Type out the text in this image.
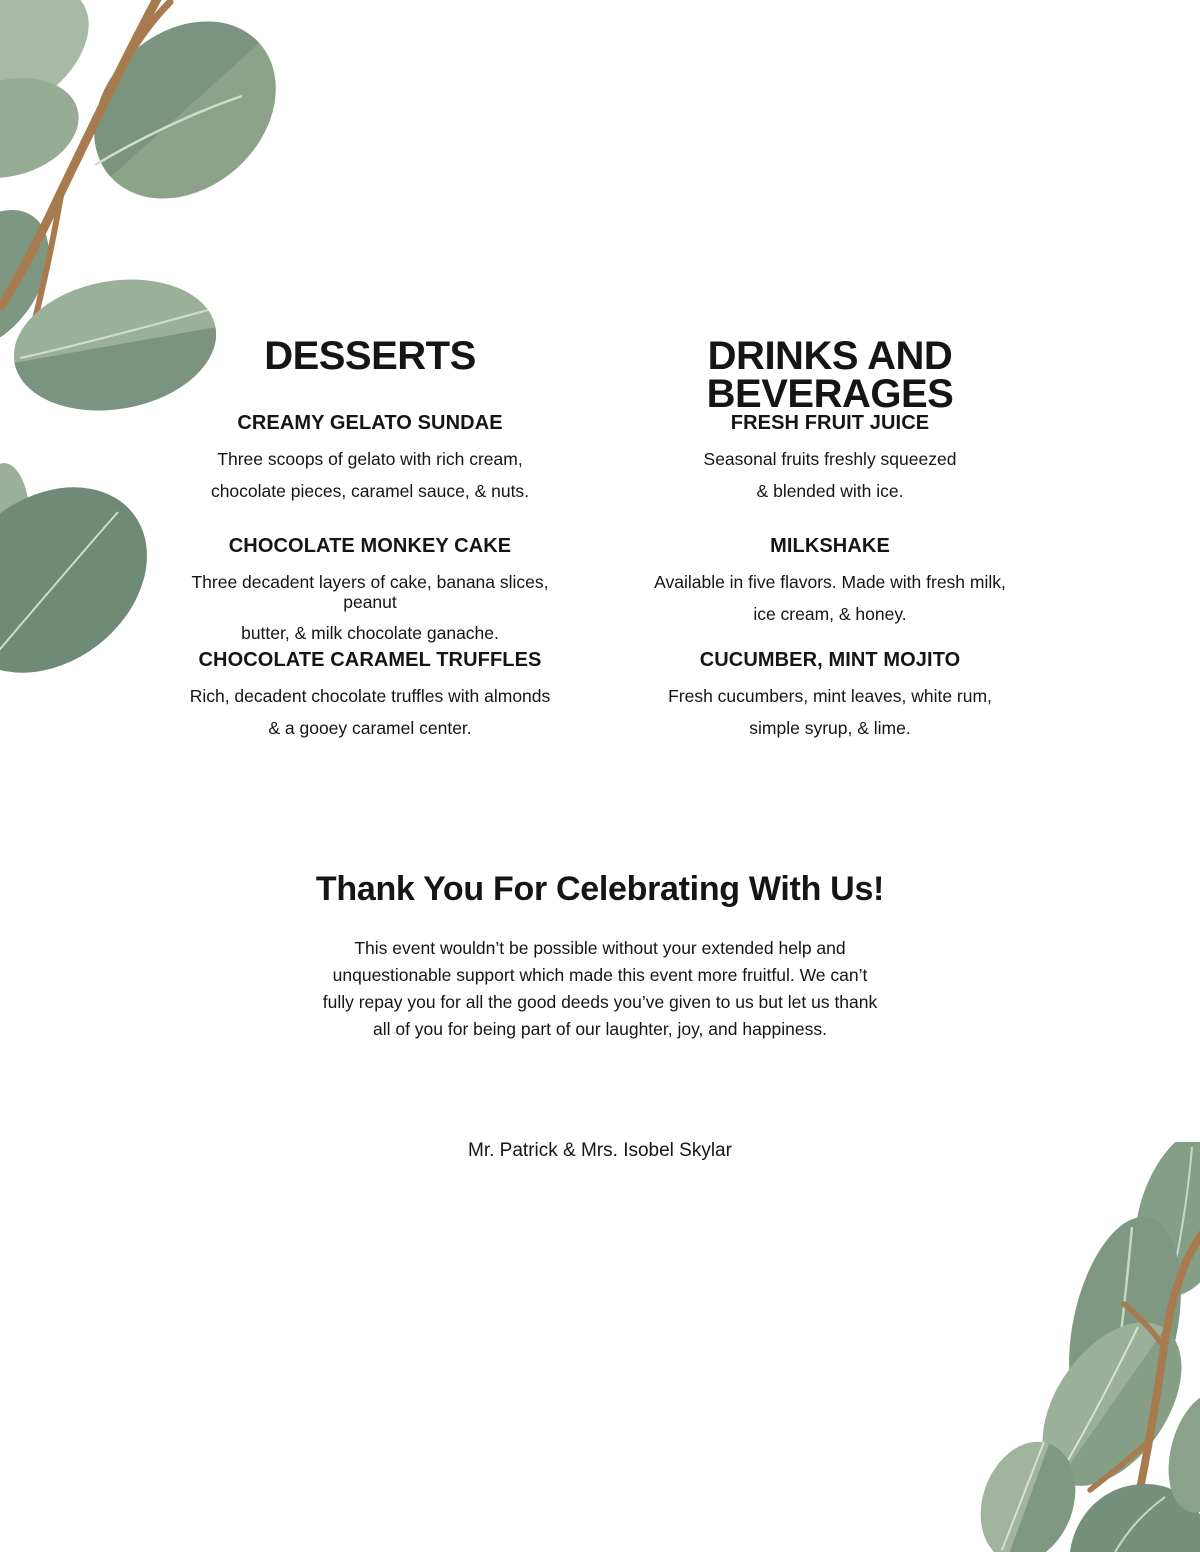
DESSERTS
CREAMY GELATO SUNDAE

Three scoops of gelato with rich cream,

chocolate pieces, caramel sauce, & nuts.

CHOCOLATE MONKEY CAKE

Three decadent layers of cake, banana slices,

peanut

butter, & milk chocolate ganache.

CHOCOLATE CARAMEL TRUFFLES

Rich, decadent chocolate truffles with almonds

& a gooey caramel center.

DRINKS AND BEVERAGES
FRESH FRUIT JUICE

Seasonal fruits freshly squeezed

& blended with ice.

MILKSHAKE

Available in five flavors. Made with fresh milk,

ice cream, & honey.

CUCUMBER, MINT MOJITO

Fresh cucumbers, mint leaves, white rum,

simple syrup, & lime.

Thank You For Celebrating With Us!

This event wouldn’t be possible without your extended help and

unquestionable support which made this event more fruitful. We can’t

fully repay you for all the good deeds you’ve given to us but let us thank

all of you for being part of our laughter, joy, and happiness.

Mr. Patrick & Mrs. Isobel Skylar
